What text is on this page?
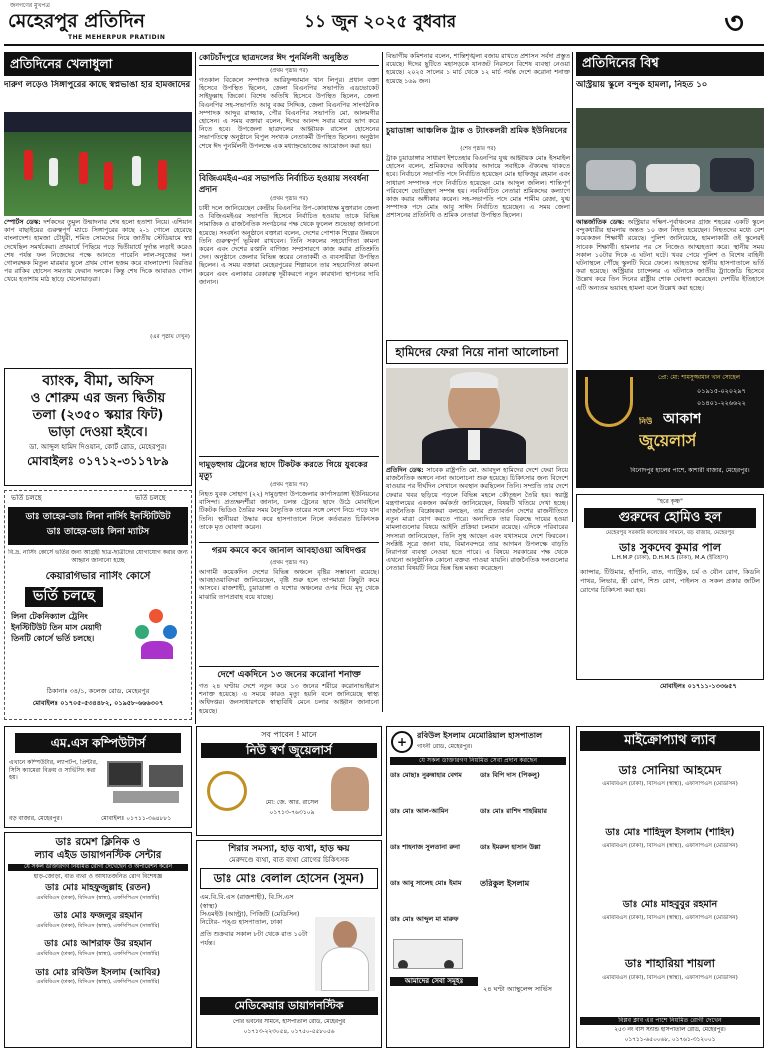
জনগণের মুখপত্র
মেহেরপুর প্রতিদিন
THE MEHERPUR PRATIDIN
১১ জুন ২০২৫ বুধবার	৩
প্রতিদিনের খেলাধুলা
দারুণ লড়েও সিঙ্গাপুরের কাছে স্বপ্নভাঙা হার হামজাদের
স্পোর্টস ডেস্ক: দর্শকদের তুমুল উন্মাদনার শেষ হলো হতাশা নিয়ে। এশিয়ান কাপ বাছাইয়ের গুরুত্বপূর্ণ ম্যাচে সিঙ্গাপুরের কাছে ২-১ গোলে হেরেছে বাংলাদেশ। হামজা চৌধুরী, শমিত সোমদের নিয়ে জাতীয় স্টেডিয়ামে স্বপ্ন দেখেছিল সমর্থকেরা। প্রথমার্ধে পিছিয়ে পড়ে দ্বিতীয়ার্ধে দুর্দান্ত লড়াই করেও শেষ পর্যন্ত ফল নিজেদের পক্ষে আনতে পারেনি লাল-সবুজের দল। গোলরক্ষক মিতুল মারমার ভুলে প্রথম গোল হজম করে বাংলাদেশ। বিরতির পর রাকিব হোসেন সমতায় ফেরান দলকে। কিন্তু শেষ দিকে আবারও গোল খেয়ে হতাশায় মাঠ ছাড়ে খেলোয়াড়রা।
(এর পৃষ্ঠায় দেখুন)
ব্যাংক, বীমা, অফিস
ও শোরুম এর জন্য দ্বিতীয়
তলা (২৩৫০ স্কয়ার ফিট)
ভাড়া দেওয়া হইবে।
ডা. আব্দুল হামিদ দিওয়ান, কোর্ট রোড, মেহেরপুর।
মোবাইলঃ ০১৭১২-৩১১৭৮৯
ভর্তি চলছে	ভর্তি চলছে
ডাঃ তাহের-ডাঃ লিনা নার্সিং ইনস্টিটিউট
ডাঃ তাহের-ডাঃ লিনা ম্যাটস
বি.দ্র. নার্সিং কোর্সে ভর্তির জন্য আগ্রহী ছাত্র-ছাত্রীদের যোগাযোগ করার জন্য আহ্বান জানানো হচ্ছে
কেয়ারগিভার নার্সিং কোর্সে
ভর্তি চলছে
লিনা টেকনিক্যাল ট্রেনিং ইনস্টিটিউট তিন মাস মেয়াদী তিনটি কোর্সে ভর্তি চলছে।
ঠিকানাঃ ৩৪/১, কলেজ রোড, মেহেরপুর
মোবাইলঃ ০১৭০৫-৫৩৪৪৮২, ০১৯৫৮-৬৬৬৩০৭
এম.এস কম্পিউটার্স
এখানে কম্পিউটার, ল্যাপটপ, প্রিন্টার, সিসি ক্যামেরা বিক্রয় ও সার্ভিসিং করা হয়।
বড় বাজার, মেহেরপুর।	মোবাইলঃ ০১৭১১-৩৬৪৮৮১
ডাঃ রমেশ ক্লিনিক ও
ল্যাব এইড ডায়াগনস্টিক সেন্টার
যে সকল ডাক্তারগণ নিয়মিত রোগী দেখেছেন ও অপারেশন করেন
হাড়-জোড়া, বাত ব্যথা ও আঘাতজনিত রোগ বিশেষজ্ঞ
ডাঃ মোঃ মাহফুজুল্লাহ (রতন)
এমবিবিএস (ঢাকা), বিসিএস (স্বাস্থ্য), এফসিপিএস (সার্জারি)
ডাঃ মোঃ ফজলুর রহমান
এমবিবিএস (ঢাকা), বিসিএস (স্বাস্থ্য), এফসিপিএস (সার্জারি)
ডাঃ মোঃ আশরাফ উর রহমান
এমবিবিএস (ঢাকা), বিসিএস (স্বাস্থ্য), এফসিপিএস (সার্জারি)
ডাঃ মোঃ রবিউল ইসলাম (আবির)
এমবিবিএস (ঢাকা), বিসিএস (স্বাস্থ্য), এফসিপিএস (সার্জারি)
কোটচাঁদপুরে ছাত্রদলের ঈদ পুনর্মিলনী অনুষ্ঠিত
(প্রথম পৃষ্ঠার পর)
গতকাল বিকেলে সম্পাদক আরিফুজ্জামান খান লিপুর। প্রধান বক্তা হিসেবে উপস্থিত ছিলেন, জেলা বিএনপির সভাপতি এডভোকেট সাইফুল্লাহ জিকো। বিশেষ অতিথি হিসেবে উপস্থিত ছিলেন, জেলা বিএনপির সহ-সভাপতি আবু বকর সিদ্দিক, জেলা বিএনপির সাংগঠনিক সম্পাদক আব্দুর রাজ্জাক, পৌর বিএনপির সভাপতি মো. আলমগীর হোসেন। এ সময় বক্তারা বলেন, ঈদের আনন্দ সবার মাঝে ভাগ করে নিতে হবে। উপজেলা ছাত্রদলের আহ্বায়ক রাসেল হোসেনের সভাপতিত্বে অনুষ্ঠানে বিপুল সংখ্যক নেতাকর্মী উপস্থিত ছিলেন। অনুষ্ঠান শেষে ঈদ পুনর্মিলনী উপলক্ষে এক মধ্যাহ্নভোজের আয়োজন করা হয়।
বিজিএমইএ-এর সভাপতি নির্বাচিত হওয়ায় সংবর্ধনা প্রদান
(প্রথম পৃষ্ঠার পর)
চাষী দলে জানিয়েছেন কেন্দ্রীয় বিএনপির উপ-কোষাধ্যক্ষ মুক্তারান জেলা ও বিজিএমইএর সভাপতি হিসেবে নির্বাচিত হওয়ায় তাকে বিভিন্ন সামাজিক ও রাজনৈতিক সংগঠনের পক্ষ থেকে ফুলেল শুভেচ্ছা জানানো হয়েছে। সংবর্ধনা অনুষ্ঠানে বক্তারা বলেন, দেশের পোশাক শিল্পের উন্নয়নে তিনি গুরুত্বপূর্ণ ভূমিকা রাখবেন। তিনি সকলের সহযোগিতা কামনা করেন এবং দেশের রপ্তানি বাণিজ্য সম্প্রসারণে কাজ করার প্রতিশ্রুতি দেন। অনুষ্ঠানে জেলার বিভিন্ন স্তরের নেতাকর্মী ও ব্যবসায়ীরা উপস্থিত ছিলেন। এ সময় বক্তারা মেহেরপুরের শিল্পায়নে তার সহযোগিতা কামনা করেন এবং এলাকার বেকারত্ব দূরীকরণে নতুন কারখানা স্থাপনের দাবি জানান।
দামুড়হুদায় ট্রেনের ছাদে টিকটক করতে গিয়ে যুবকের মৃত্যু
(প্রথম পৃষ্ঠার পর)
নিহত যুবক সোহাগ (২২) দামুড়হুদা উপজেলার কার্পাসডাঙ্গা ইউনিয়নের বাসিন্দা। প্রত্যক্ষদর্শীরা জানান, চলন্ত ট্রেনের ছাদে উঠে মোবাইলে টিকটক ভিডিও তৈরির সময় বৈদ্যুতিক তারের সঙ্গে লেগে নিচে পড়ে যান তিনি। স্থানীয়রা উদ্ধার করে হাসপাতালে নিলে কর্তব্যরত চিকিৎসক তাকে মৃত ঘোষণা করেন।
গরম কমবে কবে জানাল আবহাওয়া অধিদপ্তর
(প্রথম পৃষ্ঠার পর)
আগামী কয়েকদিন দেশের বিভিন্ন অঞ্চলে বৃষ্টির সম্ভাবনা রয়েছে। আবহাওয়াবিদরা জানিয়েছেন, বৃষ্টি শুরু হলে তাপমাত্রা কিছুটা কমে আসবে। রাজশাহী, চুয়াডাঙ্গা ও যশোর অঞ্চলের ওপর দিয়ে মৃদু থেকে মাঝারি তাপপ্রবাহ বয়ে যাচ্ছে।
দেশে একদিনে ১৩ জনের করোনা শনাক্ত
গত ২৪ ঘণ্টায় দেশে নতুন করে ১৩ জনের শরীরে করোনাভাইরাস শনাক্ত হয়েছে। এ সময়ে কারও মৃত্যু হয়নি বলে জানিয়েছে স্বাস্থ্য অধিদপ্তর। জনসাধারণকে স্বাস্থ্যবিধি মেনে চলার আহ্বান জানানো হয়েছে।
বিভাগীয় কমিশনার বলেন, শান্তিশৃঙ্খলা বজায় রাখতে প্রশাসন সর্বদা প্রস্তুত রয়েছে। ঈদের ছুটিতে মহাসড়কে যানজট নিরসনে বিশেষ ব্যবস্থা নেওয়া হয়েছে। ২০২৫ সালের ১ মার্চ থেকে ১২ মার্চ পর্যন্ত দেশে করোনা শনাক্ত হয়েছে ১৬৯ জন।
চুয়াডাঙ্গা আঞ্চলিক ট্রাক ও ট্যাংকলরী শ্রমিক ইউনিয়নের
(শেষ পৃষ্ঠার পর)
ট্রাক চুয়াডাঙ্গার সাধারণ ইশতেহার বিএনপির যুগ্ম আহ্বায়ক মোঃ ইসমাইল হোসেন বলেন, শ্রমিকদের অধিকার আদায়ে সবাইকে ঐক্যবদ্ধ থাকতে হবে। নির্বাচনে সভাপতি পদে নির্বাচিত হয়েছেন মোঃ হাফিজুর রহমান এবং সাধারণ সম্পাদক পদে নির্বাচিত হয়েছেন মোঃ আব্দুল জলিল। শান্তিপূর্ণ পরিবেশে ভোটগ্রহণ সম্পন্ন হয়। নবনির্বাচিত নেতারা শ্রমিকদের কল্যাণে কাজ করার অঙ্গীকার করেন। সহ-সভাপতি পদে মোঃ শামীম রেজা, যুগ্ম সম্পাদক পদে মোঃ আবু সাঈদ নির্বাচিত হয়েছেন। এ সময় জেলা প্রশাসনের প্রতিনিধি ও শ্রমিক নেতারা উপস্থিত ছিলেন।
হামিদের ফেরা নিয়ে নানা আলোচনা
প্রতিদিন ডেস্ক: সাবেক রাষ্ট্রপতি মো. আবদুল হামিদের দেশে ফেরা নিয়ে রাজনৈতিক অঙ্গনে নানা আলোচনা শুরু হয়েছে। চিকিৎসার জন্য বিদেশে যাওয়ার পর দীর্ঘদিন সেখানে অবস্থান করছিলেন তিনি। সম্প্রতি তার দেশে ফেরার খবর ছড়িয়ে পড়লে বিভিন্ন মহলে কৌতূহল তৈরি হয়। স্বরাষ্ট্র মন্ত্রণালয়ের একজন কর্মকর্তা জানিয়েছেন, বিষয়টি খতিয়ে দেখা হচ্ছে। রাজনৈতিক বিশ্লেষকরা বলছেন, তার প্রত্যাবর্তন দেশের রাজনীতিতে নতুন মাত্রা যোগ করতে পারে। অন্যদিকে তার বিরুদ্ধে দায়ের হওয়া মামলাগুলোর বিষয়ে আইনি প্রক্রিয়া চলমান রয়েছে। এদিকে পরিবারের সদস্যরা জানিয়েছেন, তিনি সুস্থ আছেন এবং যথাসময়ে দেশে ফিরবেন। সংশ্লিষ্ট সূত্রে জানা যায়, বিমানবন্দরে তার আগমন উপলক্ষে বাড়তি নিরাপত্তা ব্যবস্থা নেওয়া হতে পারে। এ বিষয়ে সরকারের পক্ষ থেকে এখনো আনুষ্ঠানিক কোনো বক্তব্য পাওয়া যায়নি। রাজনৈতিক দলগুলোর নেতারা বিষয়টি নিয়ে ভিন্ন ভিন্ন মন্তব্য করেছেন।
প্রতিদিনের বিশ্ব
অস্ট্রিয়ায় স্কুলে বন্দুক হামলা, নিহত ১০
আন্তর্জাতিক ডেস্ক: অস্ট্রিয়ার দক্ষিণ-পূর্বাঞ্চলের গ্রাজ শহরের একটি স্কুলে বন্দুকধারীর হামলায় অন্তত ১০ জন নিহত হয়েছেন। নিহতদের মধ্যে বেশ কয়েকজন শিক্ষার্থী রয়েছে। পুলিশ জানিয়েছে, হামলাকারী ওই স্কুলেরই সাবেক শিক্ষার্থী। হামলার পর সে নিজেও আত্মহত্যা করে। স্থানীয় সময় সকাল ১০টার দিকে এ ঘটনা ঘটে। খবর পেয়ে পুলিশ ও বিশেষ বাহিনী ঘটনাস্থলে পৌঁছে স্কুলটি ঘিরে ফেলে। আহতদের স্থানীয় হাসপাতালে ভর্তি করা হয়েছে। অস্ট্রিয়ার চ্যান্সেলর এ ঘটনাকে জাতীয় ট্র্যাজেডি হিসেবে উল্লেখ করে তিন দিনের রাষ্ট্রীয় শোক ঘোষণা করেছেন। দেশটির ইতিহাসে এটি অন্যতম ভয়াবহ হামলা বলে উল্লেখ করা হচ্ছে।
প্রো: মো: শামসুজ্জামান খান সোহেল
০১৯১৫-০২০২৯৭
০১৪০১-২২৬৬২২
নিউ আকাশ
জুয়েলার্স
বিনোদপুর হালের পাশে, কাশারী বাজার, মেহেরপুর।
"হরে কৃষ্ণ"
গুরুদেব হোমিও হল
মেহেরপুর সরকারি কলেজের সামনে, বড় বাজার, মেহেরপুর
ডাঃ সুকদেব কুমার পাল
L.H.M.P (ঢাকা), D.H.M.S (ঢাকা), M.A (ইতিহাস)
ক্যান্সার, টিউমার, হাঁপানি, বাত, গ্যাস্ট্রিক, চর্ম ও যৌন রোগ, কিডনি পাথর, লিভার, স্ত্রী রোগ, শিশু রোগ, পাইলস ও সকল প্রকার জটিল রোগের চিকিৎসা করা হয়।
মোবাইলঃ ০১৭১১-১৩৩৬৫৭
সব পাবেন ! মানে
নিউ স্বর্ণ জুয়েলার্স
মো: জে. আর. রাসেল
০১৭১৩-৭৬৩১০৯
শিরার সমস্যা, হাড় ব্যথা, হাড় ক্ষয়
মেরুদণ্ডে ব্যথা, বাত ব্যথা রোগের চিকিৎসক
ডাঃ মোঃ বেলাল হোসেন (সুমন)
এম.বি.বি.এস (রাজশাহী), বি.সি.এস (স্বাস্থ্য)
সিএমইউ (আল্ট্রা), পিজিটি (মেডিসিন)
নিটোর- পঙ্গু হাসপাতাল, ঢাকা
প্রতি শুক্রবার সকাল ৮টা থেকে রাত ১০টা পর্যন্ত।
মেডিকেয়ার ডায়াগনস্টিক
পৌর ভবনের সামনে, হাসপাতাল রোড, মেহেরপুর
০১৭১৩-২২৩০৫৪, ০১৭৫০-৫৫৮০৫৬
+	রবিউল ইসলাম মেমোরিয়াল হাসপাতাল
গাংনী রোড, মেহেরপুর।
যে সকল ডাক্তারগণ নিয়মিত সেবা প্রদান করছেন
ডাঃ মোছাঃ নুরুন্নাহার বেগম	ডাঃ বিপি দাস (পিকলু)
ডাঃ মোঃ আল-আমিন	ডাঃ মোঃ রাশিদ শাহরিয়ার
ডাঃ শাহনাজ সুলতানা রুনা	ডাঃ ইমরুল হাসান উল্লা
ডাঃ আবু সালেহ মোঃ ইমাম	তরিকুল ইসলাম
ডাঃ মোঃ আব্দুল মা মারুফ
আমাদের সেবা সমূহঃ
২৪ ঘণ্টা অ্যাম্বুলেন্স সার্ভিস
মাইক্রোপ্যাথ ল্যাব
ডাঃ সোনিয়া আহমেদ
এমবিবিএস (ঢাকা), বিসিএস (স্বাস্থ্য), এফসিপিএস (মেডিসিন)
ডাঃ মোঃ শাহিদুল ইসলাম (শাহিদ)
এমবিবিএস (ঢাকা), বিসিএস (স্বাস্থ্য), এফসিপিএস (মেডিসিন)
ডাঃ মোঃ মাহবুবুর রহমান
এমবিবিএস (ঢাকা), বিসিএস (স্বাস্থ্য), এফসিপিএস (মেডিসিন)
ডাঃ শাহারিয়া শায়লা
এমবিবিএস (ঢাকা), বিসিএস (স্বাস্থ্য), এফসিপিএস (মেডিসিন)
বিপ্লব ক্লাব এর পাশে নিয়মিত রোগী দেখেন
২৫৩ নং বাস স্ট্যান্ড হাসপাতাল রোড, মেহেরপুর।
০১৭১১-৬৫০০৬৮, ০১৭৬১-৩১২০০১
